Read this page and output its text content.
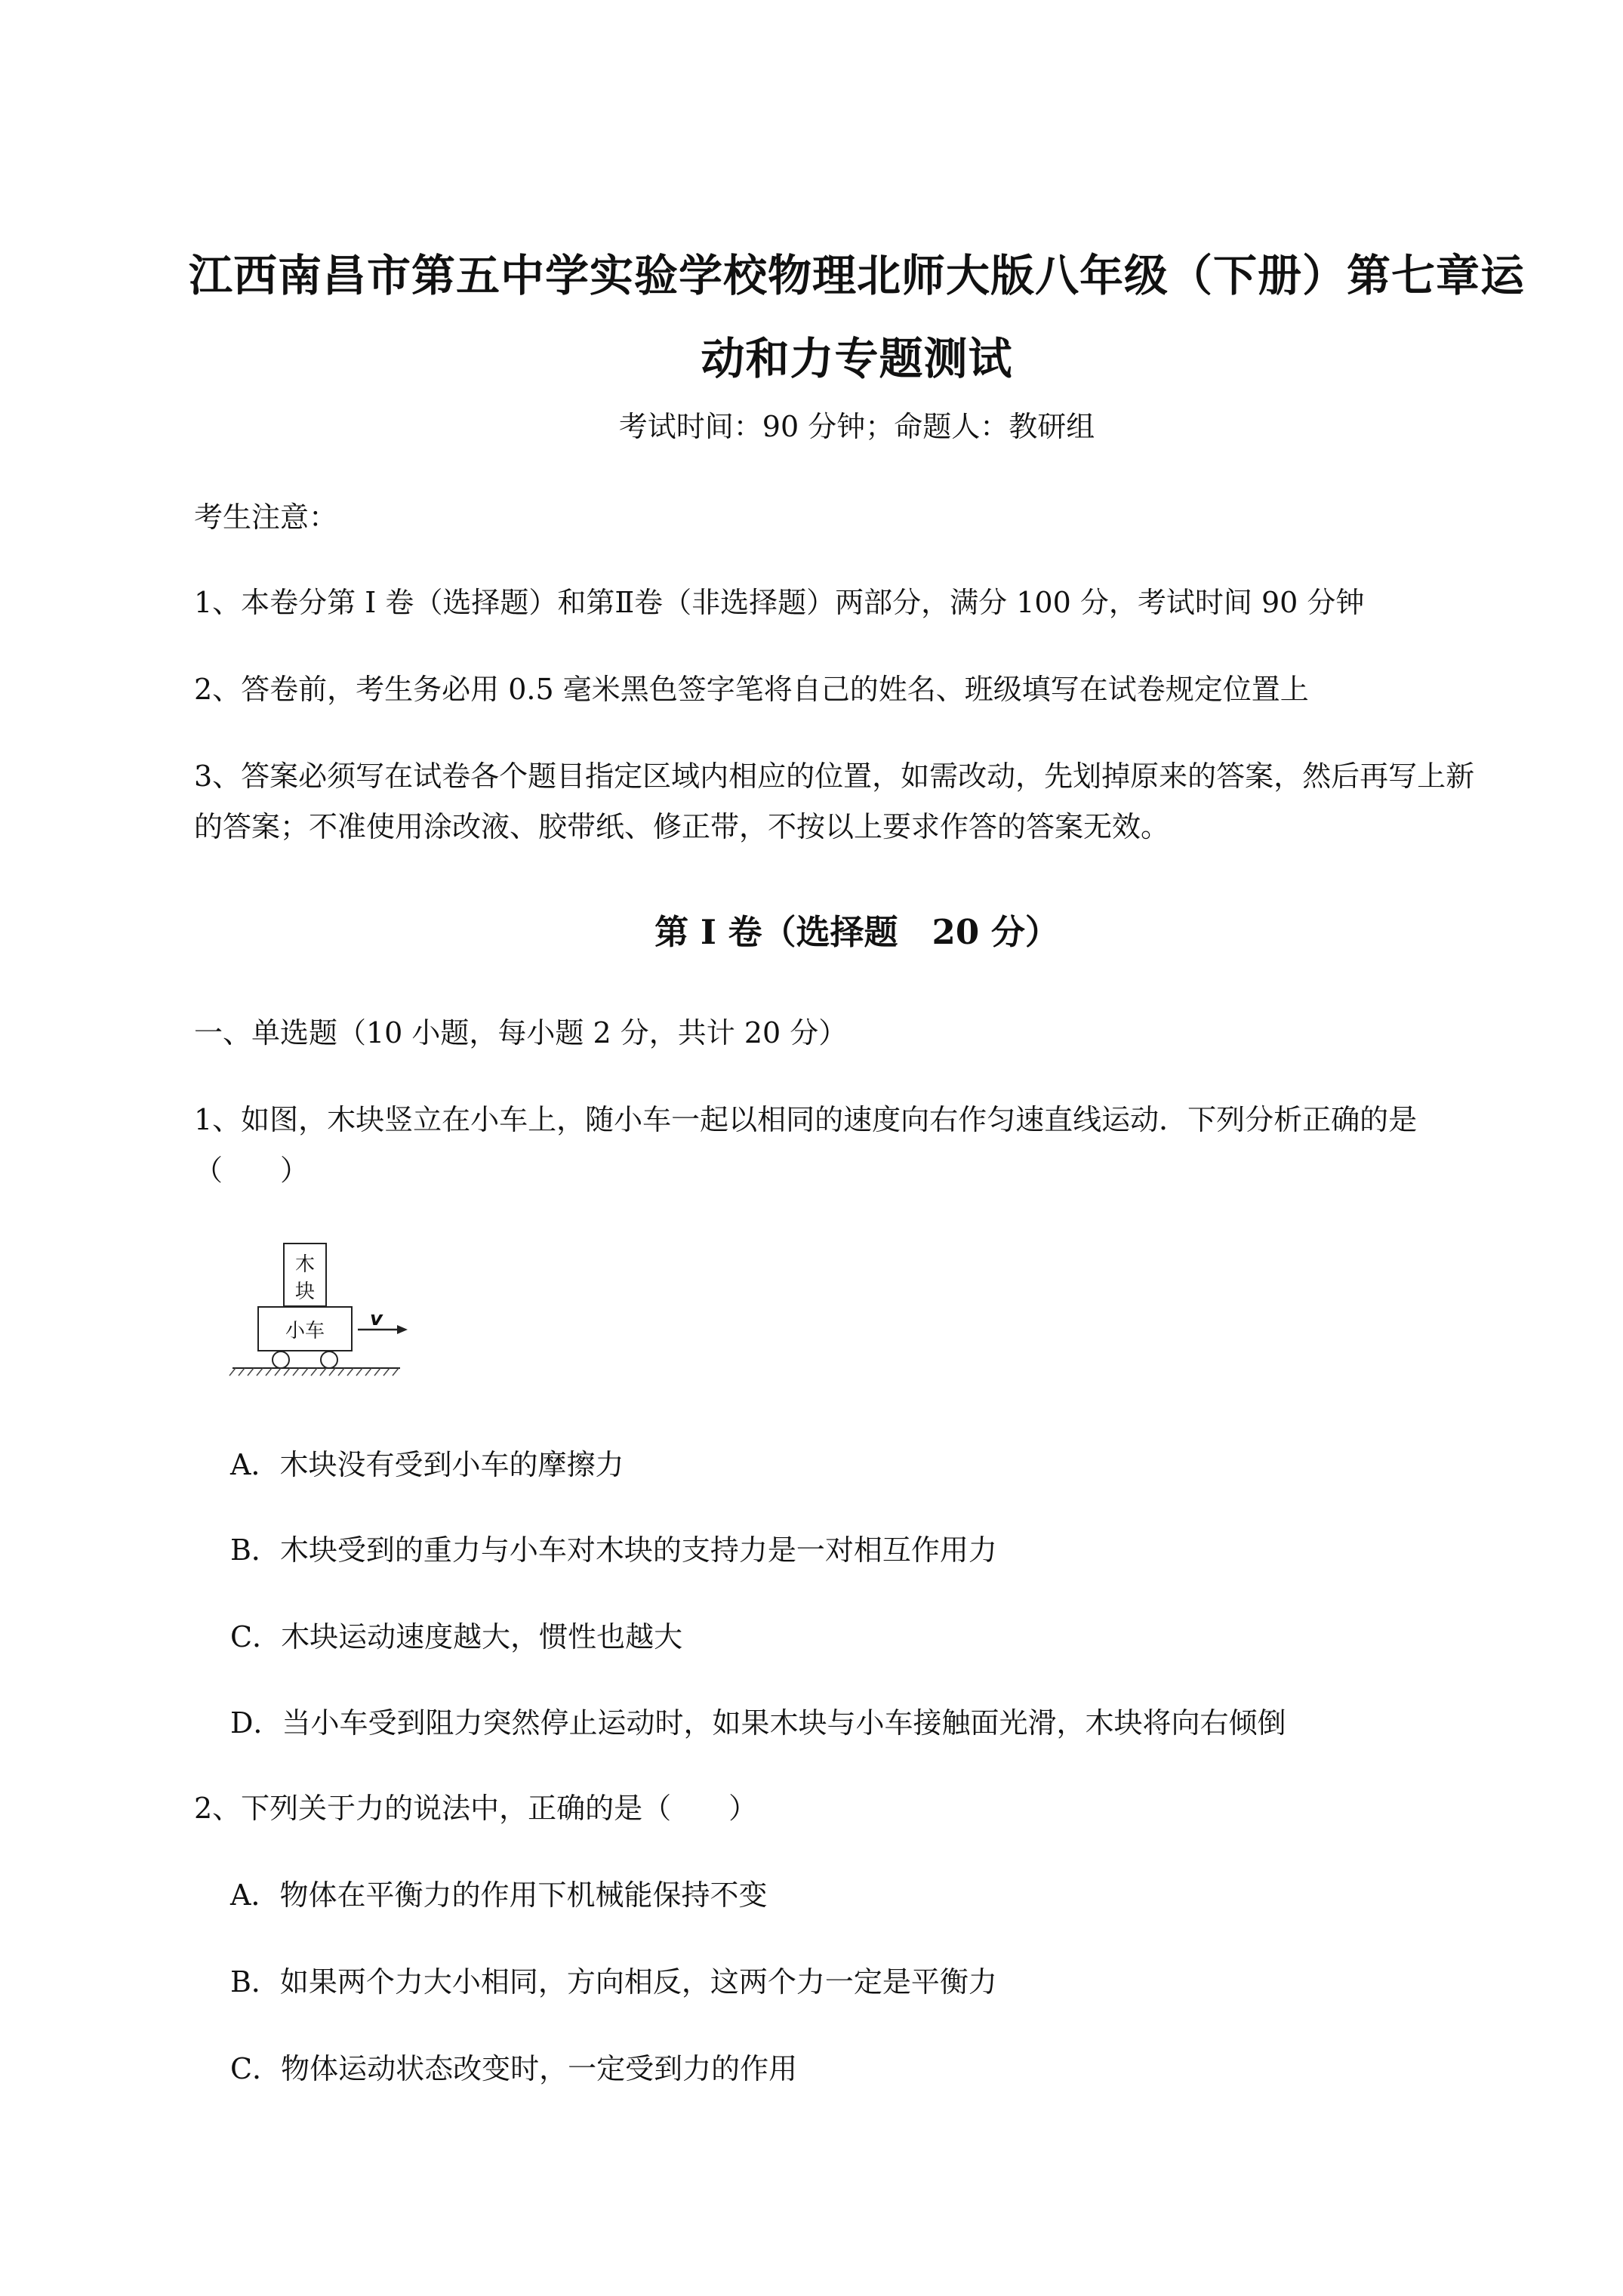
江西南昌市第五中学实验学校物理北师大版八年级（下册）第七章运
动和力专题测试
考试时间：90 分钟；命题人：教研组
考生注意：
1、本卷分第 I 卷（选择题）和第Ⅱ卷（非选择题）两部分，满分 100 分，考试时间 90 分钟
2、答卷前，考生务必用 0.5 毫米黑色签字笔将自己的姓名、班级填写在试卷规定位置上
3、答案必须写在试卷各个题目指定区域内相应的位置，如需改动，先划掉原来的答案，然后再写上新
的答案；不准使用涂改液、胶带纸、修正带，不按以上要求作答的答案无效。
第 I 卷（选择题　20 分）
一、单选题（10 小题，每小题 2 分，共计 20 分）
1、如图，木块竖立在小车上，随小车一起以相同的速度向右作匀速直线运动．下列分析正确的是
（　　）
木
块
小车
v
A．木块没有受到小车的摩擦力
B．木块受到的重力与小车对木块的支持力是一对相互作用力
C．木块运动速度越大，惯性也越大
D．当小车受到阻力突然停止运动时，如果木块与小车接触面光滑，木块将向右倾倒
2、下列关于力的说法中，正确的是（　　）
A．物体在平衡力的作用下机械能保持不变
B．如果两个力大小相同，方向相反，这两个力一定是平衡力
C．物体运动状态改变时，一定受到力的作用
